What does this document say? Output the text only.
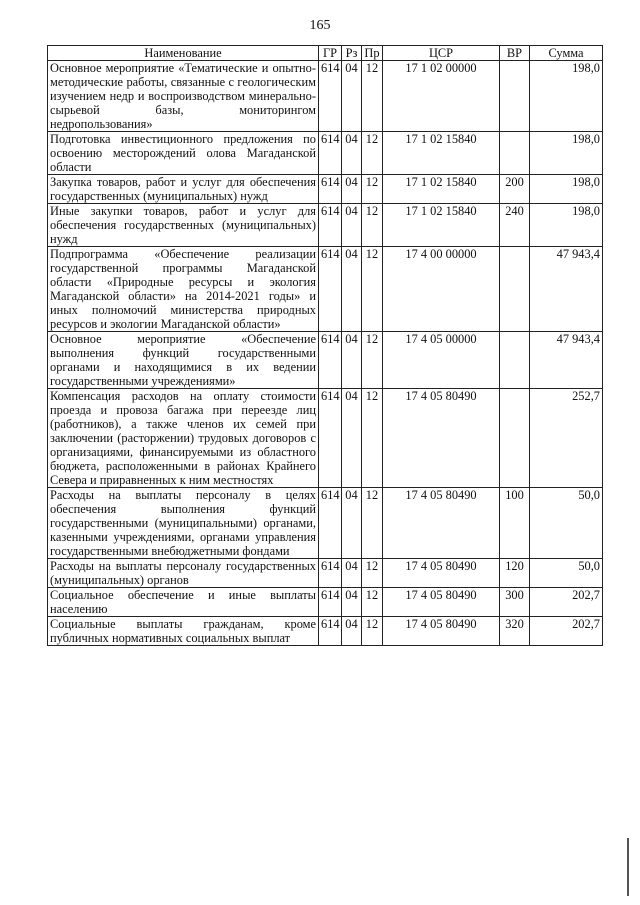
165
Наименование	ГР	Рз	Пр	ЦСР	ВР	Сумма
Основное мероприятие «Тематические и опытно-методические работы, связанные с геологическим изучением недр и воспроизводством минерально-сырьевой базы, мониторингом недропользования»	614	04	12	17 1 02 00000		198,0
Подготовка инвестиционного предложения по освоению месторождений олова Магаданской области	614	04	12	17 1 02 15840		198,0
Закупка товаров, работ и услуг для обеспечения государственных (муниципальных) нужд	614	04	12	17 1 02 15840	200	198,0
Иные закупки товаров, работ и услуг для обеспечения государственных (муниципальных) нужд	614	04	12	17 1 02 15840	240	198,0
Подпрограмма «Обеспечение реализации государственной программы Магаданской области «Природные ресурсы и экология Магаданской области» на 2014-2021 годы» и иных полномочий министерства природных ресурсов и экологии Магаданской области»	614	04	12	17 4 00 00000		47 943,4
Основное мероприятие «Обеспечение выполнения функций государственными органами и находящимися в их ведении государственными учреждениями»	614	04	12	17 4 05 00000		47 943,4
Компенсация расходов на оплату стоимости проезда и провоза багажа при переезде лиц (работников), а также членов их семей при заключении (расторжении) трудовых договоров с организациями, финансируемыми из областного бюджета, расположенными в районах Крайнего Севера и приравненных к ним местностях	614	04	12	17 4 05 80490		252,7
Расходы на выплаты персоналу в целях обеспечения выполнения функций государственными (муниципальными) органами, казенными учреждениями, органами управления государственными внебюджетными фондами	614	04	12	17 4 05 80490	100	50,0
Расходы на выплаты персоналу государственных (муниципальных) органов	614	04	12	17 4 05 80490	120	50,0
Социальное обеспечение и иные выплаты населению	614	04	12	17 4 05 80490	300	202,7
Социальные выплаты гражданам, кроме публичных нормативных социальных выплат	614	04	12	17 4 05 80490	320	202,7
